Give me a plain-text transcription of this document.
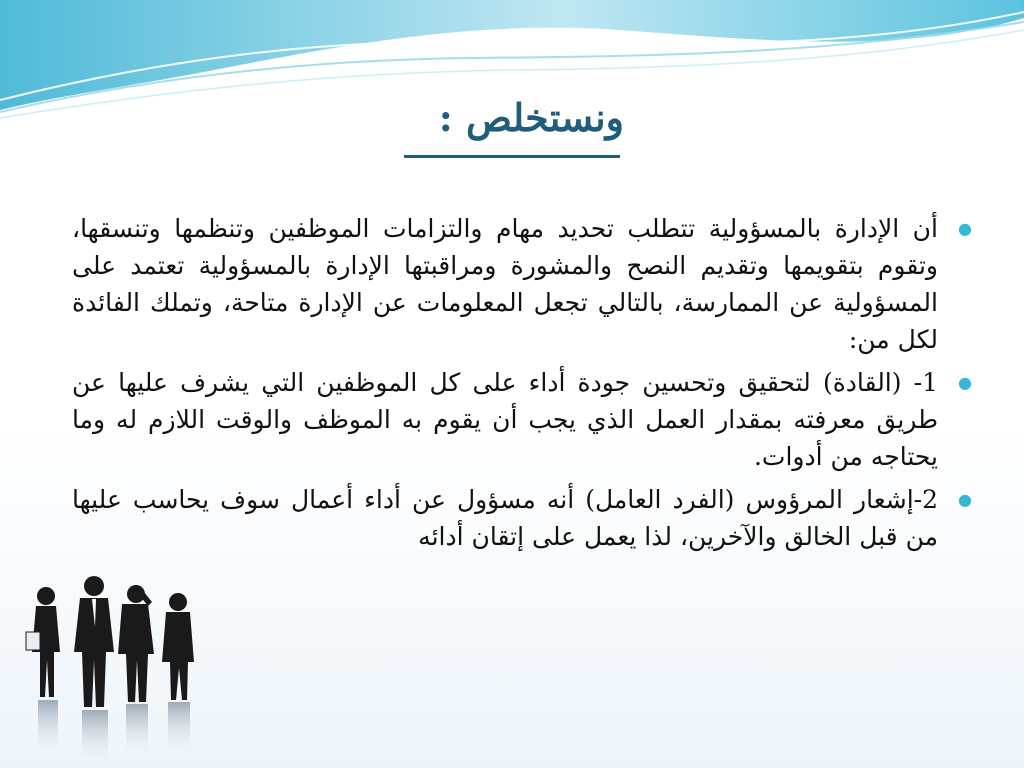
ونستخلص :

●
أن الإدارة بالمسؤولية تتطلب تحديد مهام والتزامات الموظفين وتنظمها وتنسقها، وتقوم بتقويمها وتقديم النصح والمشورة ومراقبتها الإدارة بالمسؤولية تعتمد على المسؤولية عن الممارسة، بالتالي تجعل المعلومات عن الإدارة متاحة، وتملك الفائدة لكل من:

●
1- (القادة) لتحقيق وتحسين جودة أداء على كل الموظفين التي يشرف عليها عن طريق معرفته بمقدار العمل الذي يجب أن يقوم به الموظف والوقت اللازم له وما يحتاجه من أدوات.

●
2-إشعار المرؤوس (الفرد العامل) أنه مسؤول عن أداء أعمال سوف يحاسب عليها من قبل الخالق والآخرين، لذا يعمل على إتقان أدائه
